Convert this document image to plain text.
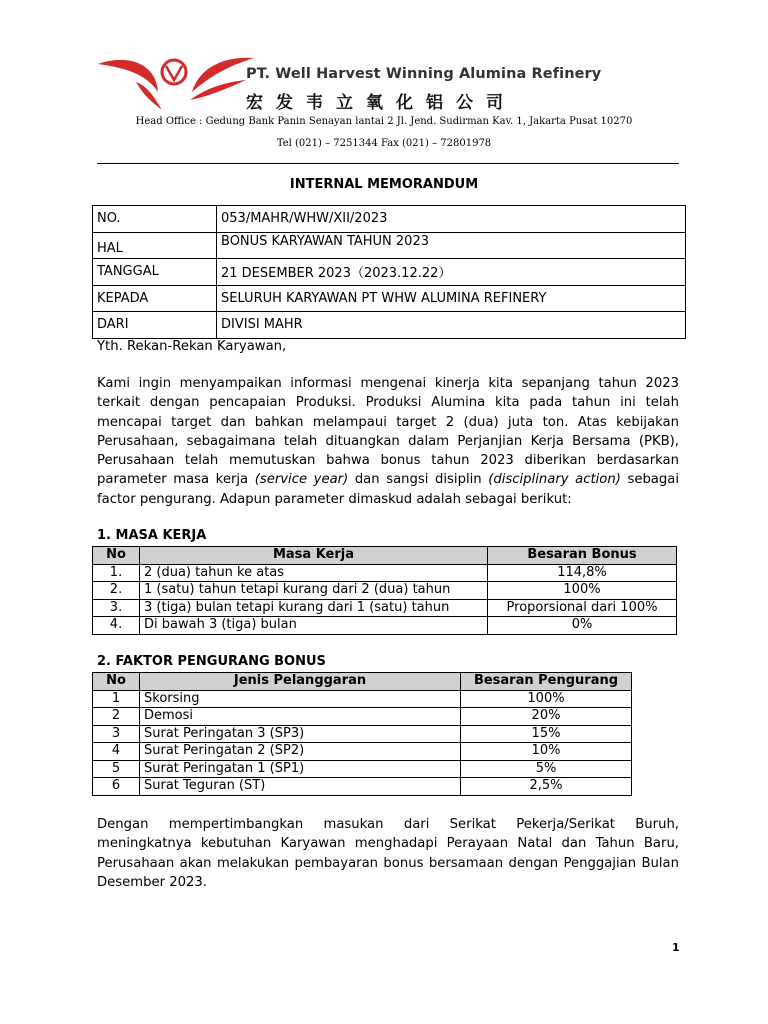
PT. Well Harvest Winning Alumina Refinery
宏发韦立氧化铝公司
Head Office : Gedung Bank Panin Senayan lantai 2 Jl. Jend. Sudirman Kav. 1, Jakarta Pusat 10270
Tel (021) – 7251344 Fax (021) – 72801978
INTERNAL MEMORANDUM
NO.	053/MAHR/WHW/XII/2023
HAL	BONUS KARYAWAN TAHUN 2023
TANGGAL	21 DESEMBER 2023（2023.12.22）
KEPADA	SELURUH KARYAWAN PT WHW ALUMINA REFINERY
DARI	DIVISI MAHR

Yth. Rekan-Rekan Karyawan,

Kami ingin menyampaikan informasi mengenai kinerja kita sepanjang tahun 2023 terkait dengan pencapaian Produksi. Produksi Alumina kita pada tahun ini telah mencapai target dan bahkan melampaui target 2 (dua) juta ton. Atas kebijakan Perusahaan, sebagaimana telah dituangkan dalam Perjanjian Kerja Bersama (PKB), Perusahaan telah memutuskan bahwa bonus tahun 2023 diberikan berdasarkan parameter masa kerja (service year) dan sangsi disiplin (disciplinary action) sebagai factor pengurang. Adapun parameter dimaskud adalah sebagai berikut:

1. MASA KERJA
No	Masa Kerja	Besaran Bonus
1.	2 (dua) tahun ke atas	114,8%
2.	1 (satu) tahun tetapi kurang dari 2 (dua) tahun	100%
3.	3 (tiga) bulan tetapi kurang dari 1 (satu) tahun	Proporsional dari 100%
4.	Di bawah 3 (tiga) bulan	0%
2. FAKTOR PENGURANG BONUS
No	Jenis Pelanggaran	Besaran Pengurang
1	Skorsing	100%
2	Demosi	20%
3	Surat Peringatan 3 (SP3)	15%
4	Surat Peringatan 2 (SP2)	10%
5	Surat Peringatan 1 (SP1)	5%
6	Surat Teguran (ST)	2,5%

Dengan mempertimbangkan masukan dari Serikat Pekerja/Serikat Buruh, meningkatnya kebutuhan Karyawan menghadapi Perayaan Natal dan Tahun Baru, Perusahaan akan melakukan pembayaran bonus bersamaan dengan Penggajian Bulan Desember 2023.

1
